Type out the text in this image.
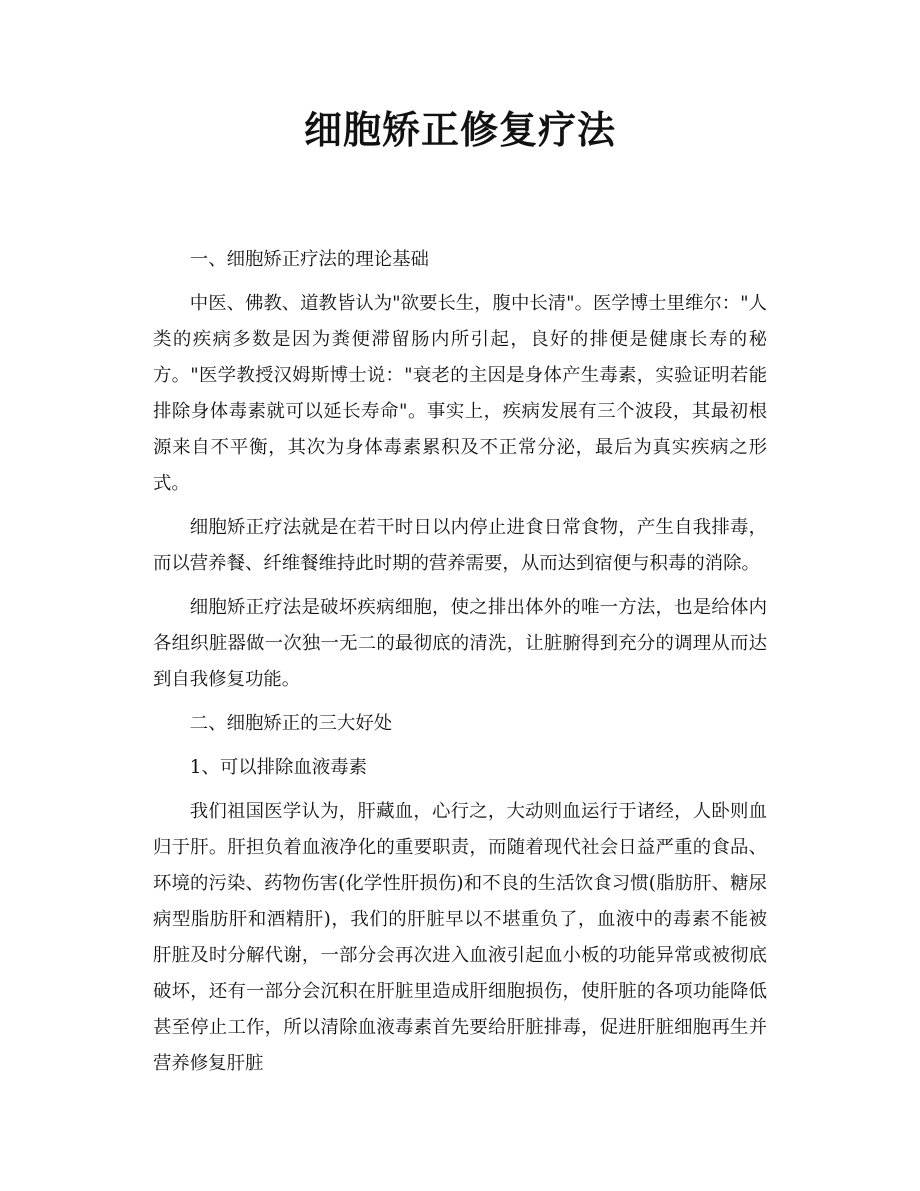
细胞矫正修复疗法

一、细胞矫正疗法的理论基础

中医、佛教、道教皆认为"欲要长生，腹中长清"。医学博士里维尔："人类的疾病多数是因为粪便滞留肠内所引起，良好的排便是健康长寿的秘方。"医学教授汉姆斯博士说："衰老的主因是身体产生毒素，实验证明若能排除身体毒素就可以延长寿命"。事实上，疾病发展有三个波段，其最初根源来自不平衡，其次为身体毒素累积及不正常分泌，最后为真实疾病之形式。

细胞矫正疗法就是在若干时日以内停止进食日常食物，产生自我排毒，而以营养餐、纤维餐维持此时期的营养需要，从而达到宿便与积毒的消除。

细胞矫正疗法是破坏疾病细胞，使之排出体外的唯一方法，也是给体内各组织脏器做一次独一无二的最彻底的清洗，让脏腑得到充分的调理从而达到自我修复功能。

二、细胞矫正的三大好处

1、可以排除血液毒素

我们祖国医学认为，肝藏血，心行之，大动则血运行于诸经，人卧则血归于肝。肝担负着血液净化的重要职责，而随着现代社会日益严重的食品、环境的污染、药物伤害(化学性肝损伤)和不良的生活饮食习惯(脂肪肝、糖尿病型脂肪肝和酒精肝)，我们的肝脏早以不堪重负了，血液中的毒素不能被肝脏及时分解代谢，一部分会再次进入血液引起血小板的功能异常或被彻底破坏，还有一部分会沉积在肝脏里造成肝细胞损伤，使肝脏的各项功能降低甚至停止工作，所以清除血液毒素首先要给肝脏排毒，促进肝脏细胞再生并营养修复肝脏
